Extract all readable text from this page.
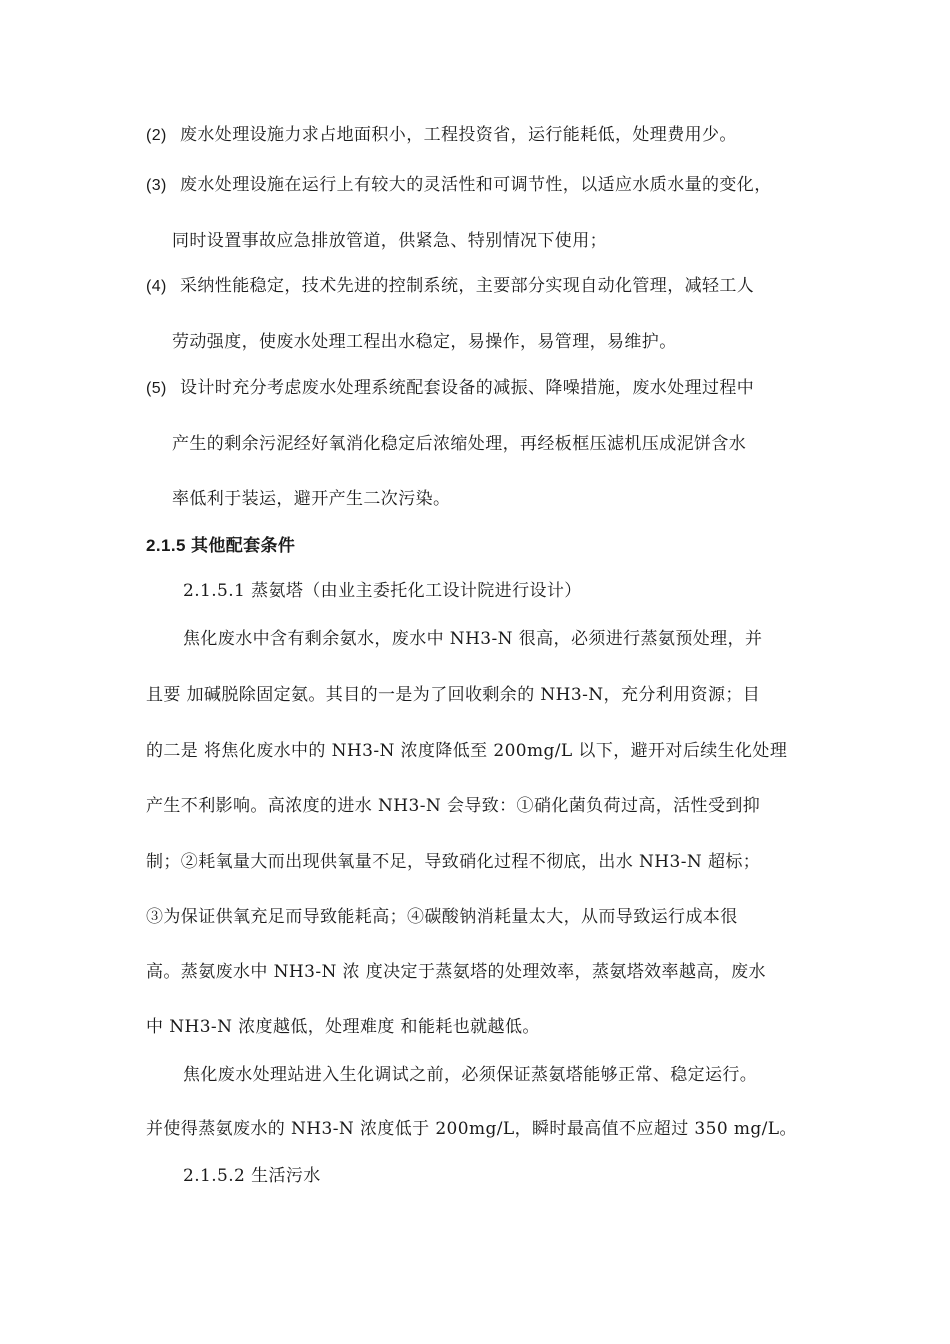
(2) 废水处理设施力求占地面积小，工程投资省，运行能耗低，处理费用少。
(3) 废水处理设施在运行上有较大的灵活性和可调节性，以适应水质水量的变化，
同时设置事故应急排放管道，供紧急、特别情况下使用；
(4) 采纳性能稳定，技术先进的控制系统，主要部分实现自动化管理，减轻工人
劳动强度，使废水处理工程出水稳定，易操作，易管理，易维护。
(5) 设计时充分考虑废水处理系统配套设备的减振、降噪措施，废水处理过程中
产生的剩余污泥经好氧消化稳定后浓缩处理，再经板框压滤机压成泥饼含水
率低利于装运，避开产生二次污染。
2.1.5 其他配套条件
2.1.5.1 蒸氨塔（由业主委托化工设计院进行设计）
焦化废水中含有剩余氨水，废水中 NH3-N 很高，必须进行蒸氨预处理，并
且要 加碱脱除固定氨。其目的一是为了回收剩余的 NH3-N，充分利用资源；目
的二是 将焦化废水中的 NH3-N 浓度降低至 200mg/L 以下，避开对后续生化处理
产生不利影响。高浓度的进水 NH3-N 会导致：①硝化菌负荷过高，活性受到抑
制；②耗氧量大而出现供氧量不足，导致硝化过程不彻底，出水 NH3-N 超标；
③为保证供氧充足而导致能耗高；④碳酸钠消耗量太大，从而导致运行成本很
高。蒸氨废水中 NH3-N 浓 度决定于蒸氨塔的处理效率，蒸氨塔效率越高，废水
中 NH3-N 浓度越低，处理难度 和能耗也就越低。
焦化废水处理站进入生化调试之前，必须保证蒸氨塔能够正常、稳定运行。
并使得蒸氨废水的 NH3-N 浓度低于 200mg/L，瞬时最高值不应超过 350 mg/L。
2.1.5.2 生活污水
